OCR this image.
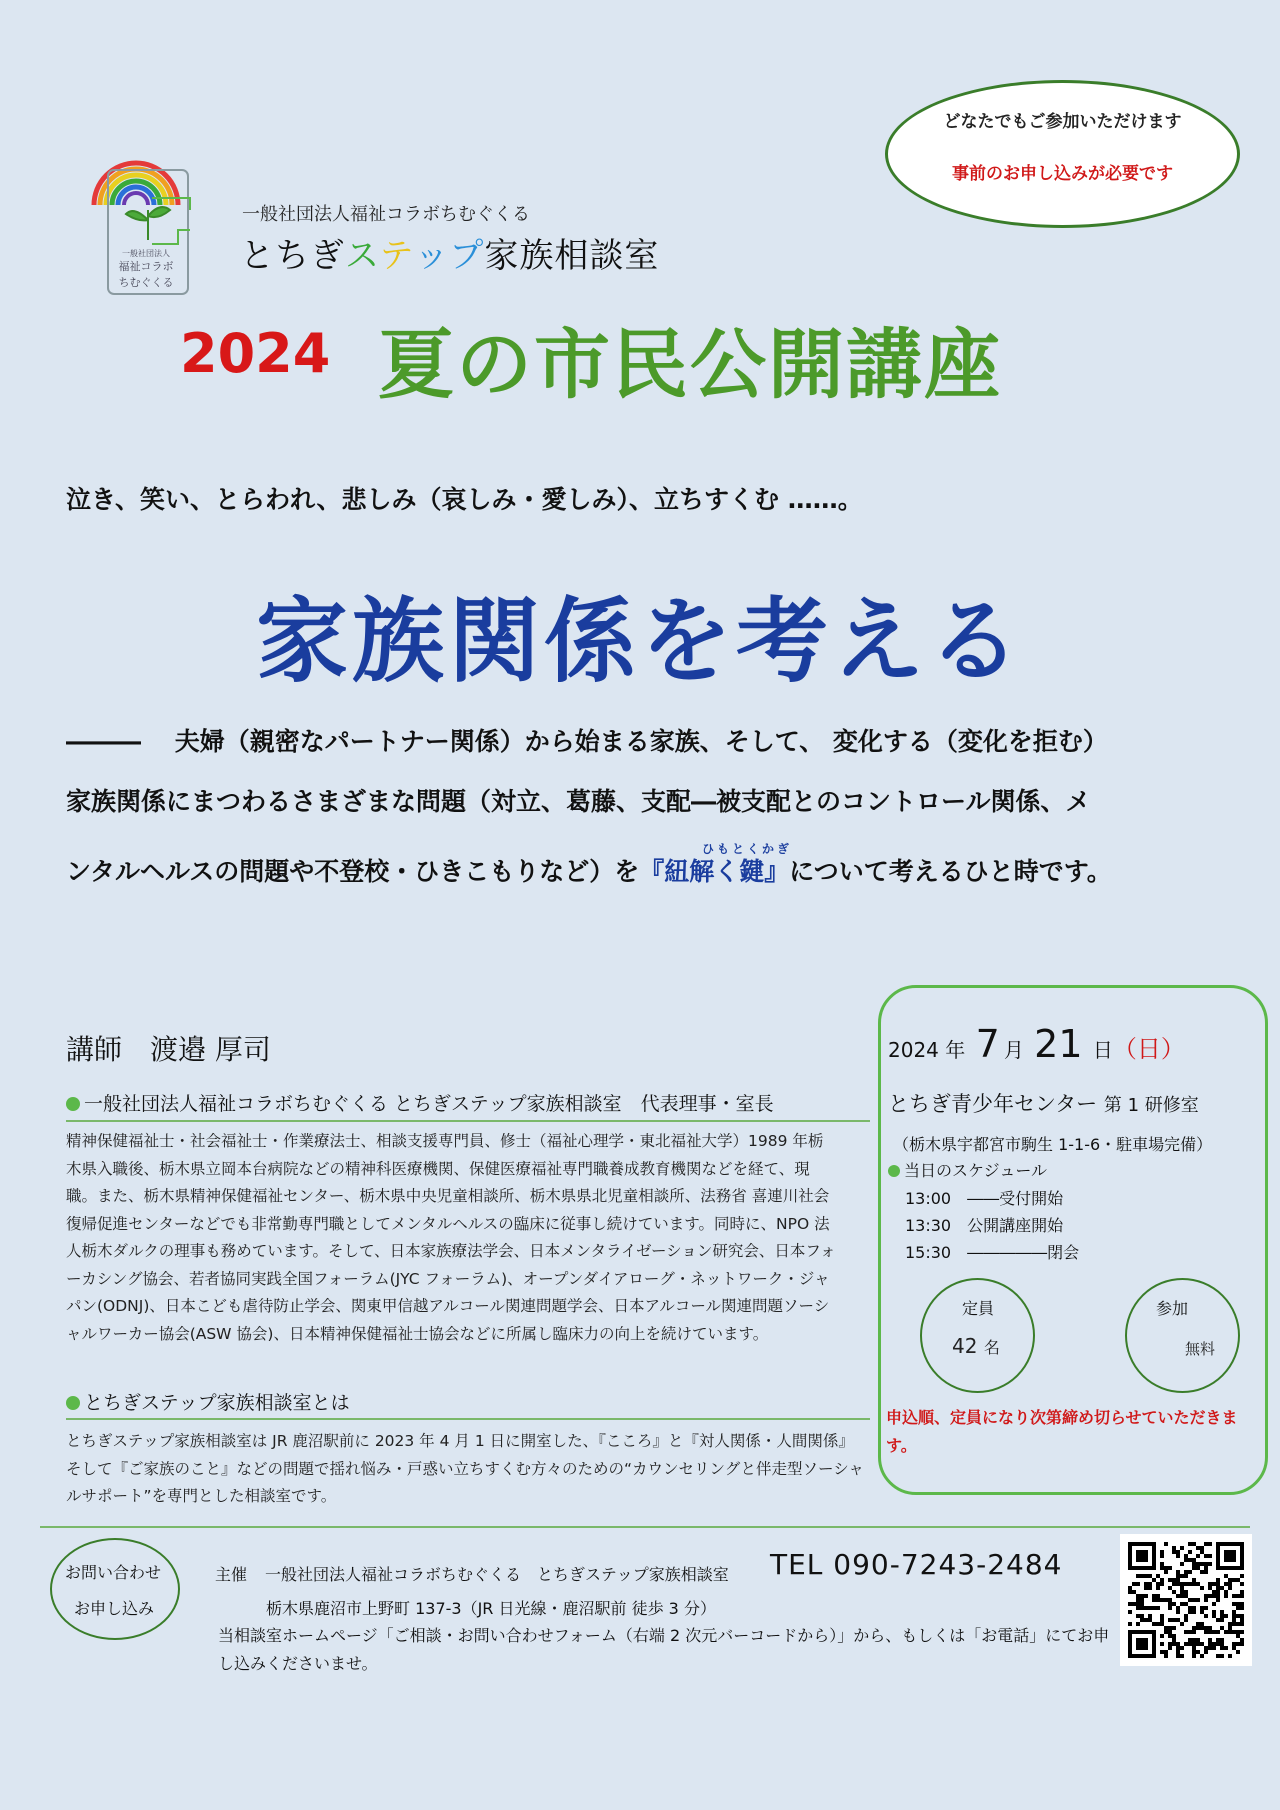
どなたでもご参加いただけます
事前のお申し込みが必要です
一般社団法人
福祉コラボ
ちむぐくる
一般社団法人福祉コラボちむぐくる
とちぎステップ家族相談室
2024 夏の市民公開講座
泣き、笑い、とらわれ、悲しみ（哀しみ・愛しみ）、立ちすくむ ……。
家族関係を考える
―――　 夫婦（親密なパートナー関係）から始まる家族、そして、 変化する（変化を拒む）
家族関係にまつわるさまざまな問題（対立、葛藤、支配―被支配とのコントロール関係、メ
ひもとくかぎ
ンタルヘルスの問題や不登校・ひきこもりなど）を『紐解く鍵』について考えるひと時です。
講師　渡邉 厚司
一般社団法人福祉コラボちむぐくる とちぎステップ家族相談室　代表理事・室長
精神保健福祉士・社会福祉士・作業療法士、相談支援専門員、修士（福祉心理学・東北福祉大学）1989 年栃木県入職後、栃木県立岡本台病院などの精神科医療機関、保健医療福祉専門職養成教育機関などを経て、現職。また、栃木県精神保健福祉センター、栃木県中央児童相談所、栃木県県北児童相談所、法務省 喜連川社会復帰促進センターなどでも非常勤専門職としてメンタルヘルスの臨床に従事し続けています。同時に、NPO 法人栃木ダルクの理事も務めています。そして、日本家族療法学会、日本メンタライゼーション研究会、日本フォーカシング協会、若者協同実践全国フォーラム(JYC フォーラム)、オープンダイアローグ・ネットワーク・ジャパン(ODNJ)、日本こども虐待防止学会、関東甲信越アルコール関連問題学会、日本アルコール関連問題ソーシャルワーカー協会(ASW 協会)、日本精神保健福祉士協会などに所属し臨床力の向上を続けています。
とちぎステップ家族相談室とは
とちぎステップ家族相談室は JR 鹿沼駅前に 2023 年 4 月 1 日に開室した、『こころ』と『対人関係・人間関係』そして『ご家族のこと』などの問題で揺れ悩み・戸惑い立ちすくむ方々のための“カウンセリングと伴走型ソーシャルサポート”を専門とした相談室です。
2024 年 7 月 21 日（日）
とちぎ青少年センター 第 1 研修室
（栃木県宇都宮市駒生 1-1-6・駐車場完備）
当日のスケジュール
13:00　――受付開始
13:30　公開講座開始
15:30　―――――閉会
定員
42 名
参加
無料
申込順、定員になり次第締め切らせていただきます。
お問い合わせ
お申し込み
主催 一般社団法人福祉コラボちむぐくる　とちぎステップ家族相談室 TEL 090-7243-2484
栃木県鹿沼市上野町 137-3（JR 日光線・鹿沼駅前 徒歩 3 分）
当相談室ホームページ「ご相談・お問い合わせフォーム（右端 2 次元バーコードから）」から、もしくは「お電話」にてお申し込みくださいませ。
